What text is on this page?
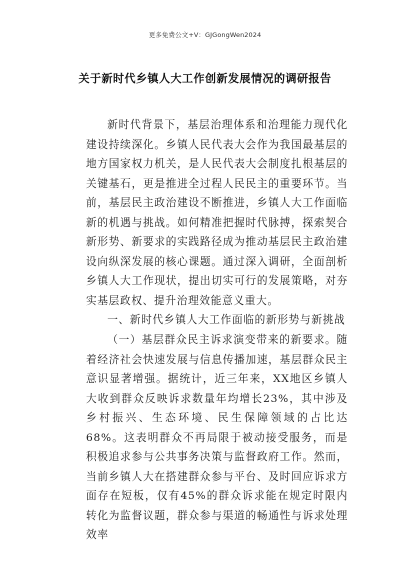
更多免费公文+V：GJGongWen2024
关于新时代乡镇人大工作创新发展情况的调研报告

新时代背景下，基层治理体系和治理能力现代化建设持续深化。乡镇人民代表大会作为我国最基层的地方国家权力机关，是人民代表大会制度扎根基层的关键基石，更是推进全过程人民民主的重要环节。当前，基层民主政治建设不断推进，乡镇人大工作面临新的机遇与挑战。如何精准把握时代脉搏，探索契合新形势、新要求的实践路径成为推动基层民主政治建设向纵深发展的核心课题。通过深入调研，全面剖析乡镇人大工作现状，提出切实可行的发展策略，对夯实基层政权、提升治理效能意义重大。

一、新时代乡镇人大工作面临的新形势与新挑战

（一）基层群众民主诉求演变带来的新要求。随着经济社会快速发展与信息传播加速，基层群众民主意识显著增强。据统计，近三年来，XX地区乡镇人大收到群众反映诉求数量年均增长23%，其中涉及乡村振兴、生态环境、民生保障领域的占比达68%。这表明群众不再局限于被动接受服务，而是积极追求参与公共事务决策与监督政府工作。然而，当前乡镇人大在搭建群众参与平台、及时回应诉求方面存在短板，仅有45%的群众诉求能在规定时限内转化为监督议题，群众参与渠道的畅通性与诉求处理效率
